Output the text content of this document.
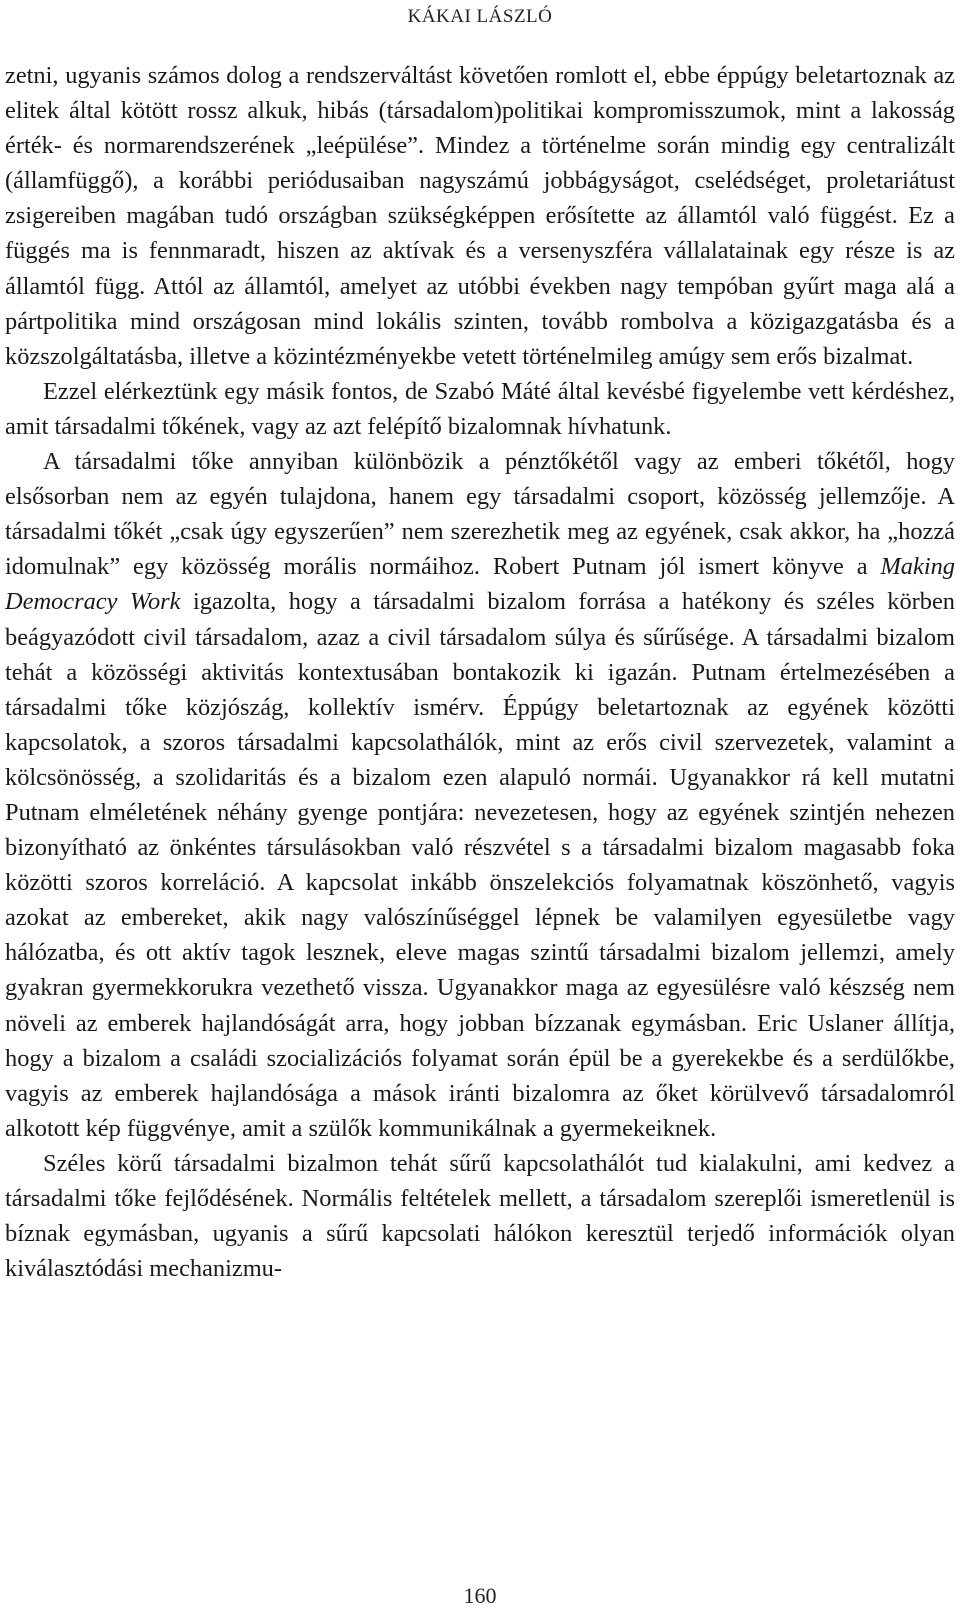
KÁKAI LÁSZLÓ

zetni, ugyanis számos dolog a rendszerváltást követően romlott el, ebbe éppúgy beletartoznak az elitek által kötött rossz alkuk, hibás (társadalom)politikai kompromisszumok, mint a lakosság érték- és normarendszerének „leépülése”. Mindez a történelme során mindig egy centralizált (államfüggő), a korábbi periódusaiban nagyszámú jobbágyságot, cselédséget, proletariátust zsigereiben magában tudó országban szükségképpen erősítette az államtól való függést. Ez a függés ma is fennmaradt, hiszen az aktívak és a versenyszféra vállalatainak egy része is az államtól függ. Attól az államtól, amelyet az utóbbi években nagy tempóban gyűrt maga alá a pártpolitika mind országosan mind lokális szinten, tovább rombolva a közigazgatásba és a közszolgáltatásba, illetve a közintézményekbe vetett történelmileg amúgy sem erős bizalmat.

Ezzel elérkeztünk egy másik fontos, de Szabó Máté által kevésbé figyelembe vett kérdéshez, amit társadalmi tőkének, vagy az azt felépítő bizalomnak hívhatunk.

A társadalmi tőke annyiban különbözik a pénztőkétől vagy az emberi tőkétől, hogy elsősorban nem az egyén tulajdona, hanem egy társadalmi csoport, közösség jellemzője. A társadalmi tőkét „csak úgy egyszerűen” nem szerezhetik meg az egyének, csak akkor, ha „hozzá idomulnak” egy közösség morális normáihoz. Robert Putnam jól ismert könyve a Making Democracy Work igazolta, hogy a társadalmi bizalom forrása a hatékony és széles körben beágyazódott civil társadalom, azaz a civil társadalom súlya és sűrűsége. A társadalmi bizalom tehát a közösségi aktivitás kontextusában bontakozik ki igazán. Putnam értelmezésében a társadalmi tőke közjószág, kollektív ismérv. Éppúgy beletartoznak az egyének közötti kapcsolatok, a szoros társadalmi kapcsolathálók, mint az erős civil szervezetek, valamint a kölcsönösség, a szolidaritás és a bizalom ezen alapuló normái. Ugyanakkor rá kell mutatni Putnam elméletének néhány gyenge pontjára: nevezetesen, hogy az egyének szintjén nehezen bizonyítható az önkéntes társulásokban való részvétel s a társadalmi bizalom magasabb foka közötti szoros korreláció. A kapcsolat inkább önszelekciós folyamatnak köszönhető, vagyis azokat az embereket, akik nagy valószínűséggel lépnek be valamilyen egyesületbe vagy hálózatba, és ott aktív tagok lesznek, eleve magas szintű társadalmi bizalom jellemzi, amely gyakran gyermekkorukra vezethető vissza. Ugyanakkor maga az egyesülésre való készség nem növeli az emberek hajlandóságát arra, hogy jobban bízzanak egymásban. Eric Uslaner állítja, hogy a bizalom a családi szocializációs folyamat során épül be a gyerekekbe és a serdülőkbe, vagyis az emberek hajlandósága a mások iránti bizalomra az őket körülvevő társadalomról alkotott kép függvénye, amit a szülők kommunikálnak a gyermekeiknek.

Széles körű társadalmi bizalmon tehát sűrű kapcsolathálót tud kialakulni, ami kedvez a társadalmi tőke fejlődésének. Normális feltételek mellett, a társadalom szereplői ismeretlenül is bíznak egymásban, ugyanis a sűrű kapcsolati hálókon keresztül terjedő információk olyan kiválasztódási mechanizmu-

160
